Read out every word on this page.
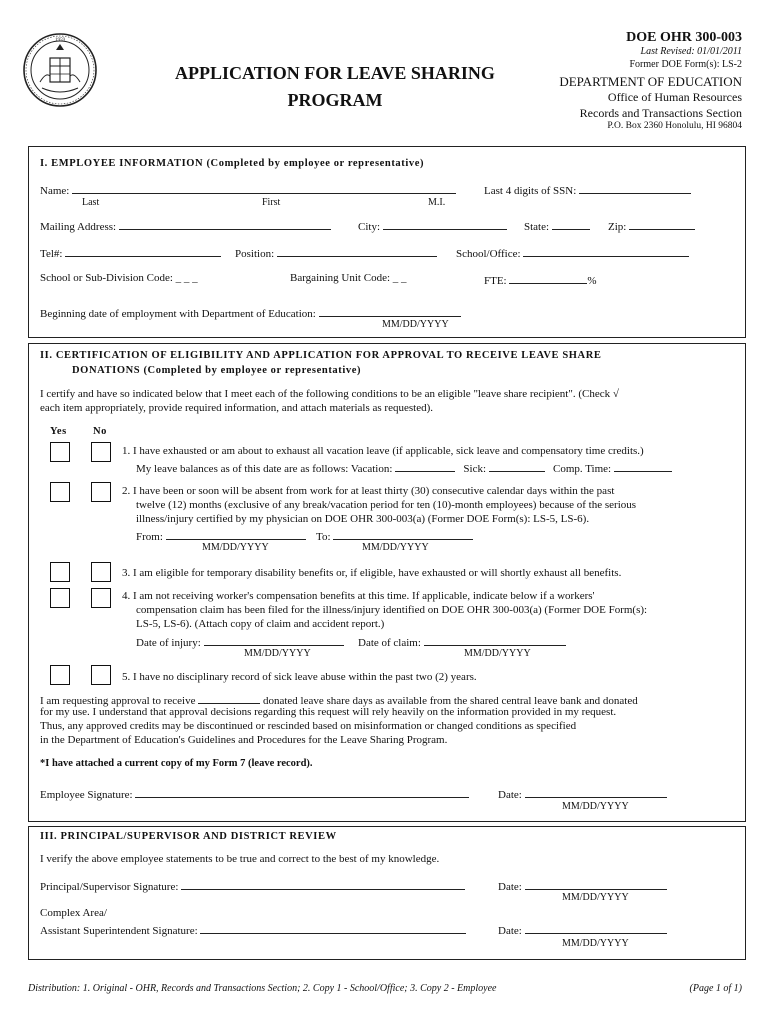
1959
APPLICATION FOR LEAVE SHARING
PROGRAM
DOE OHR 300-003
Last Revised: 01/01/2011
Former DOE Form(s): LS-2
DEPARTMENT OF EDUCATION
Office of Human Resources
Records and Transactions Section
P.O. Box 2360 Honolulu, HI 96804
I. EMPLOYEE INFORMATION (Completed by employee or representative)
Name:
Last	First	M.I.
Last 4 digits of SSN:
Mailing Address:	City:	State:	Zip:
Tel#:	Position:	School/Office:
School or Sub-Division Code: _ _ _	Bargaining Unit Code: _ _	FTE:	%
Beginning date of employment with Department of Education:
MM/DD/YYYY
II. CERTIFICATION OF ELIGIBILITY AND APPLICATION FOR APPROVAL TO RECEIVE LEAVE SHARE
DONATIONS (Completed by employee or representative)
I certify and have so indicated below that I meet each of the following conditions to be an eligible "leave share recipient". (Check √
each item appropriately, provide required information, and attach materials as requested).
Yes	No
1. I have exhausted or am about to exhaust all vacation leave (if applicable, sick leave and compensatory time credits.)
My leave balances as of this date are as follows: Vacation:	Sick:	Comp. Time:
2. I have been or soon will be absent from work for at least thirty (30) consecutive calendar days within the past
twelve (12) months (exclusive of any break/vacation period for ten (10)-month employees) because of the serious
illness/injury certified by my physician on DOE OHR 300-003(a) (Former DOE Form(s): LS-5, LS-6).
From:	To:
MM/DD/YYYY	MM/DD/YYYY
3. I am eligible for temporary disability benefits or, if eligible, have exhausted or will shortly exhaust all benefits.
4. I am not receiving worker's compensation benefits at this time. If applicable, indicate below if a workers'
compensation claim has been filed for the illness/injury identified on DOE OHR 300-003(a) (Former DOE Form(s):
LS-5, LS-6). (Attach copy of claim and accident report.)
Date of injury:	Date of claim:
MM/DD/YYYY	MM/DD/YYYY
5. I have no disciplinary record of sick leave abuse within the past two (2) years.
I am requesting approval to receive	donated leave share days as available from the shared central leave bank and donated
for my use. I understand that approval decisions regarding this request will rely heavily on the information provided in my request.
Thus, any approved credits may be discontinued or rescinded based on misinformation or changed conditions as specified
in the Department of Education's Guidelines and Procedures for the Leave Sharing Program.
*I have attached a current copy of my Form 7 (leave record).
Employee Signature:	Date:
MM/DD/YYYY
III. PRINCIPAL/SUPERVISOR AND DISTRICT REVIEW
I verify the above employee statements to be true and correct to the best of my knowledge.
Principal/Supervisor Signature:	Date:
MM/DD/YYYY
Complex Area/
Assistant Superintendent Signature:	Date:
MM/DD/YYYY
Distribution: 1. Original - OHR, Records and Transactions Section; 2. Copy 1 - School/Office; 3. Copy 2 - Employee	(Page 1 of 1)
